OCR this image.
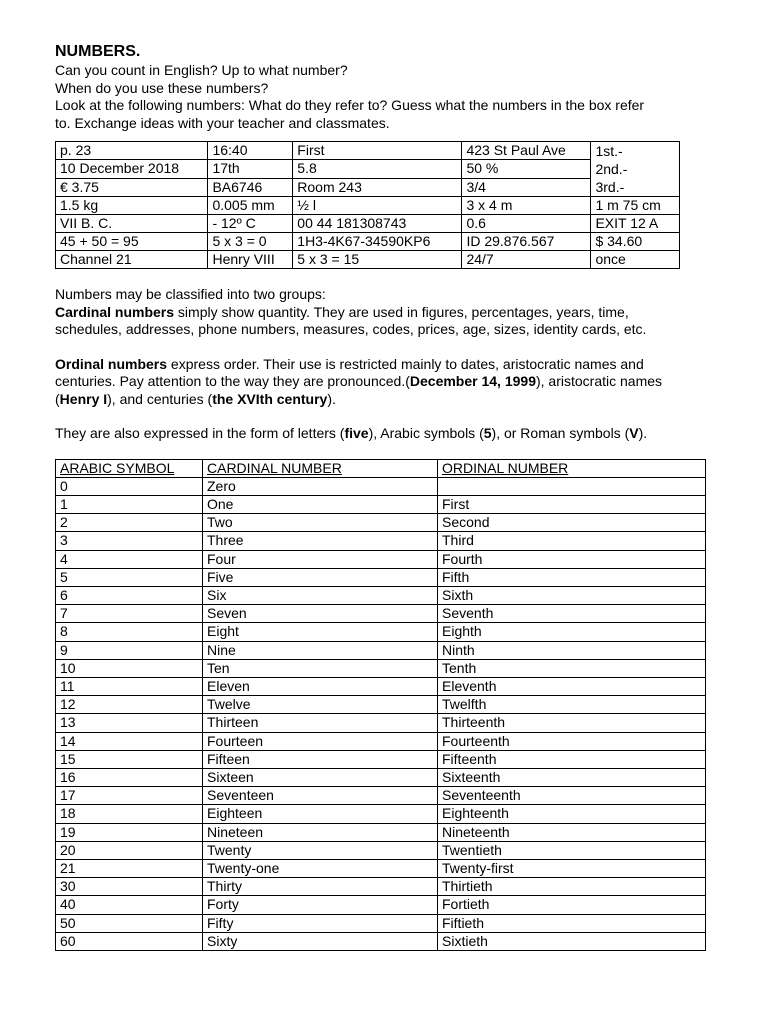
NUMBERS.

Can you count in English? Up to what number?

When do you use these numbers?

Look at the following numbers: What do they refer to? Guess what the numbers in the box refer

to. Exchange ideas with your teacher and classmates.

p. 23	16:40	First	423 St Paul Ave	1st.-
2nd.-
3rd.-

10 December 2018	17th	5.8	50 %	
€ 3.75	BA6746	Room 243	3/4	
1.5 kg	0.005 mm	½ l	3 x 4 m	1 m 75 cm
VII B. C.	- 12º C	00 44 181308743	0.6	EXIT 12 A
45 + 50 = 95	5 x 3 = 0	1H3-4K67-34590KP6	ID 29.876.567	$ 34.60
Channel 21	Henry VIII	5 x 3 = 15	24/7	once

Numbers may be classified into two groups:

Cardinal numbers simply show quantity. They are used in figures, percentages, years, time,

schedules, addresses, phone numbers, measures, codes, prices, age, sizes, identity cards, etc.

Ordinal numbers express order. Their use is restricted mainly to dates, aristocratic names and

centuries. Pay attention to the way they are pronounced.(December 14, 1999), aristocratic names

(Henry I), and centuries (the XVIth century).

They are also expressed in the form of letters (five), Arabic symbols (5), or Roman symbols (V).

ARABIC SYMBOL	CARDINAL NUMBER	ORDINAL NUMBER
0	Zero	
1	One	First
2	Two	Second
3	Three	Third
4	Four	Fourth
5	Five	Fifth
6	Six	Sixth
7	Seven	Seventh
8	Eight	Eighth
9	Nine	Ninth
10	Ten	Tenth
11	Eleven	Eleventh
12	Twelve	Twelfth
13	Thirteen	Thirteenth
14	Fourteen	Fourteenth
15	Fifteen	Fifteenth
16	Sixteen	Sixteenth
17	Seventeen	Seventeenth
18	Eighteen	Eighteenth
19	Nineteen	Nineteenth
20	Twenty	Twentieth
21	Twenty-one	Twenty-first
30	Thirty	Thirtieth
40	Forty	Fortieth
50	Fifty	Fiftieth
60	Sixty	Sixtieth
